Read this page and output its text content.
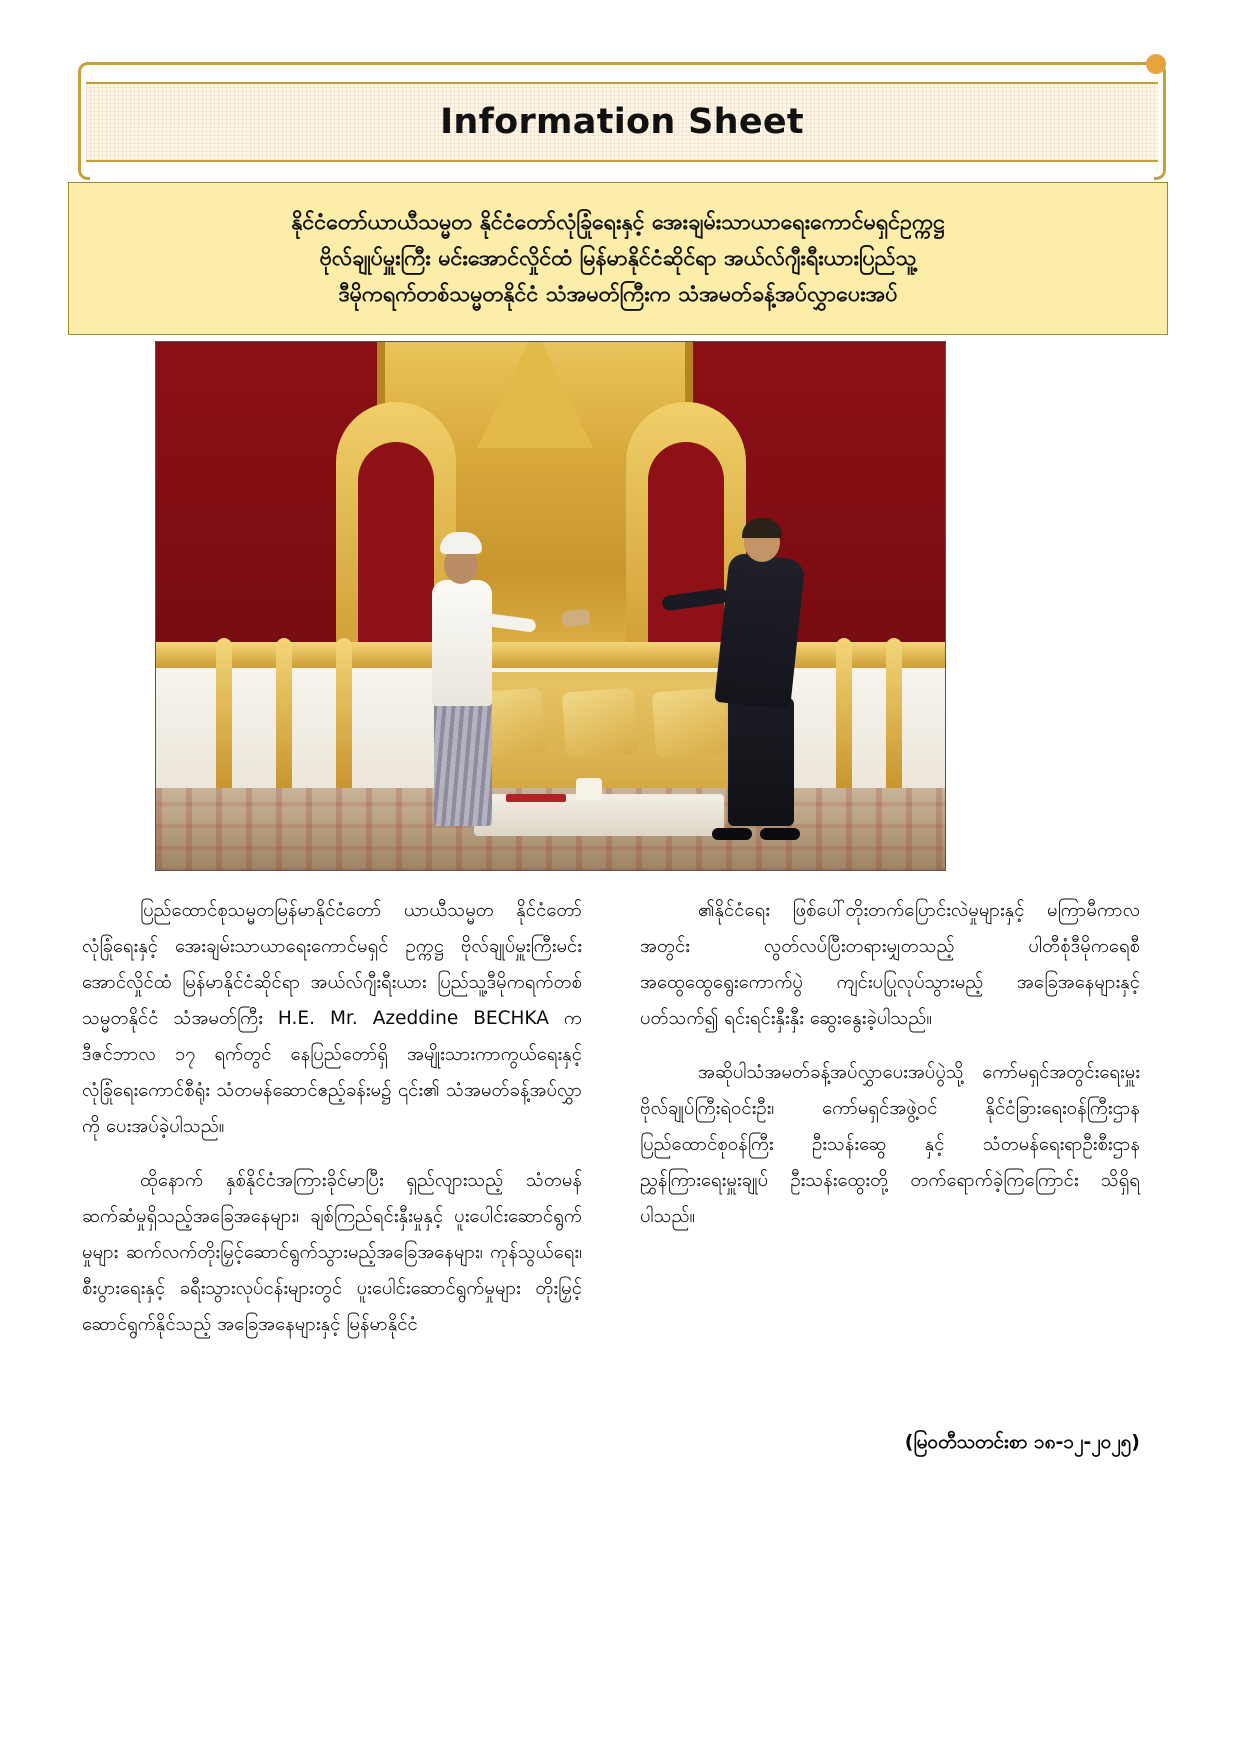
Information Sheet
နိုင်ငံတော်ယာယီသမ္မတ နိုင်ငံတော်လုံခြုံရေးနှင့် အေးချမ်းသာယာရေးကောင်မရှင်ဥက္ကဋ္ဌ
ဗိုလ်ချုပ်မှူးကြီး မင်းအောင်လှိုင်ထံ မြန်မာနိုင်ငံဆိုင်ရာ အယ်လ်ဂျီးရီးယားပြည်သူ့
ဒီမိုကရက်တစ်သမ္မတနိုင်ငံ သံအမတ်ကြီးက သံအမတ်ခန့်အပ်လွှာပေးအပ်

ပြည်ထောင်စုသမ္မတမြန်မာနိုင်ငံတော် ယာယီသမ္မတ နိုင်ငံတော်လုံခြုံရေးနှင့် အေးချမ်းသာယာရေးကောင်မရှင် ဥက္ကဋ္ဌ ဗိုလ်ချုပ်မှူးကြီးမင်းအောင်လှိုင်ထံ မြန်မာနိုင်ငံဆိုင်ရာ အယ်လ်ဂျီးရီးယား ပြည်သူ့ဒီမိုကရက်တစ်သမ္မတနိုင်ငံ သံအမတ်ကြီး H.E. Mr. Azeddine BECHKA က ဒီဇင်ဘာလ ၁၇ ရက်တွင် နေပြည်တော်ရှိ အမျိုးသားကာကွယ်ရေးနှင့် လုံခြုံရေးကောင်စီရုံး သံတမန်ဆောင်ဧည့်ခန်းမ၌ ၎င်း၏ သံအမတ်ခန့်အပ်လွှာကို ပေးအပ်ခဲ့ပါသည်။

ထိုနောက် နှစ်နိုင်ငံအကြားခိုင်မာပြီး ရှည်လျားသည့် သံတမန်ဆက်ဆံမှုရှိသည့်အခြေအနေများ၊ ချစ်ကြည်ရင်းနှီးမှုနှင့် ပူးပေါင်းဆောင်ရွက်မှုများ ဆက်လက်တိုးမြှင့်ဆောင်ရွက်သွားမည့်အခြေအနေများ၊ ကုန်သွယ်ရေး၊ စီးပွားရေးနှင့် ခရီးသွားလုပ်ငန်းများတွင် ပူးပေါင်းဆောင်ရွက်မှုများ တိုးမြှင့်ဆောင်ရွက်နိုင်သည့် အခြေအနေများနှင့် မြန်မာနိုင်ငံ

၏နိုင်ငံရေး ဖြစ်ပေါ်တိုးတက်ပြောင်းလဲမှုများနှင့် မကြာမီကာလအတွင်း လွတ်လပ်ပြီးတရားမျှတသည့် ပါတီစုံဒီမိုကရေစီအထွေထွေရွေးကောက်ပွဲ ကျင်းပပြုလုပ်သွားမည့် အခြေအနေများနှင့်ပတ်သက်၍ ရင်းရင်းနှီးနှီး ဆွေးနွေးခဲ့ပါသည်။

အဆိုပါသံအမတ်ခန့်အပ်လွှာပေးအပ်ပွဲသို့ ကော်မရှင်အတွင်းရေးမှူး ဗိုလ်ချုပ်ကြီးရဲဝင်းဦး၊ ကော်မရှင်အဖွဲ့ဝင် နိုင်ငံခြားရေးဝန်ကြီးဌာန ပြည်ထောင်စုဝန်ကြီး ဦးသန်းဆွေ နှင့် သံတမန်ရေးရာဦးစီးဌာန ညွှန်ကြားရေးမှူးချုပ် ဦးသန်းထွေးတို့ တက်ရောက်ခဲ့ကြကြောင်း သိရှိရပါသည်။

(မြဝတီသတင်းစာ ၁၈-၁၂-၂၀၂၅)
